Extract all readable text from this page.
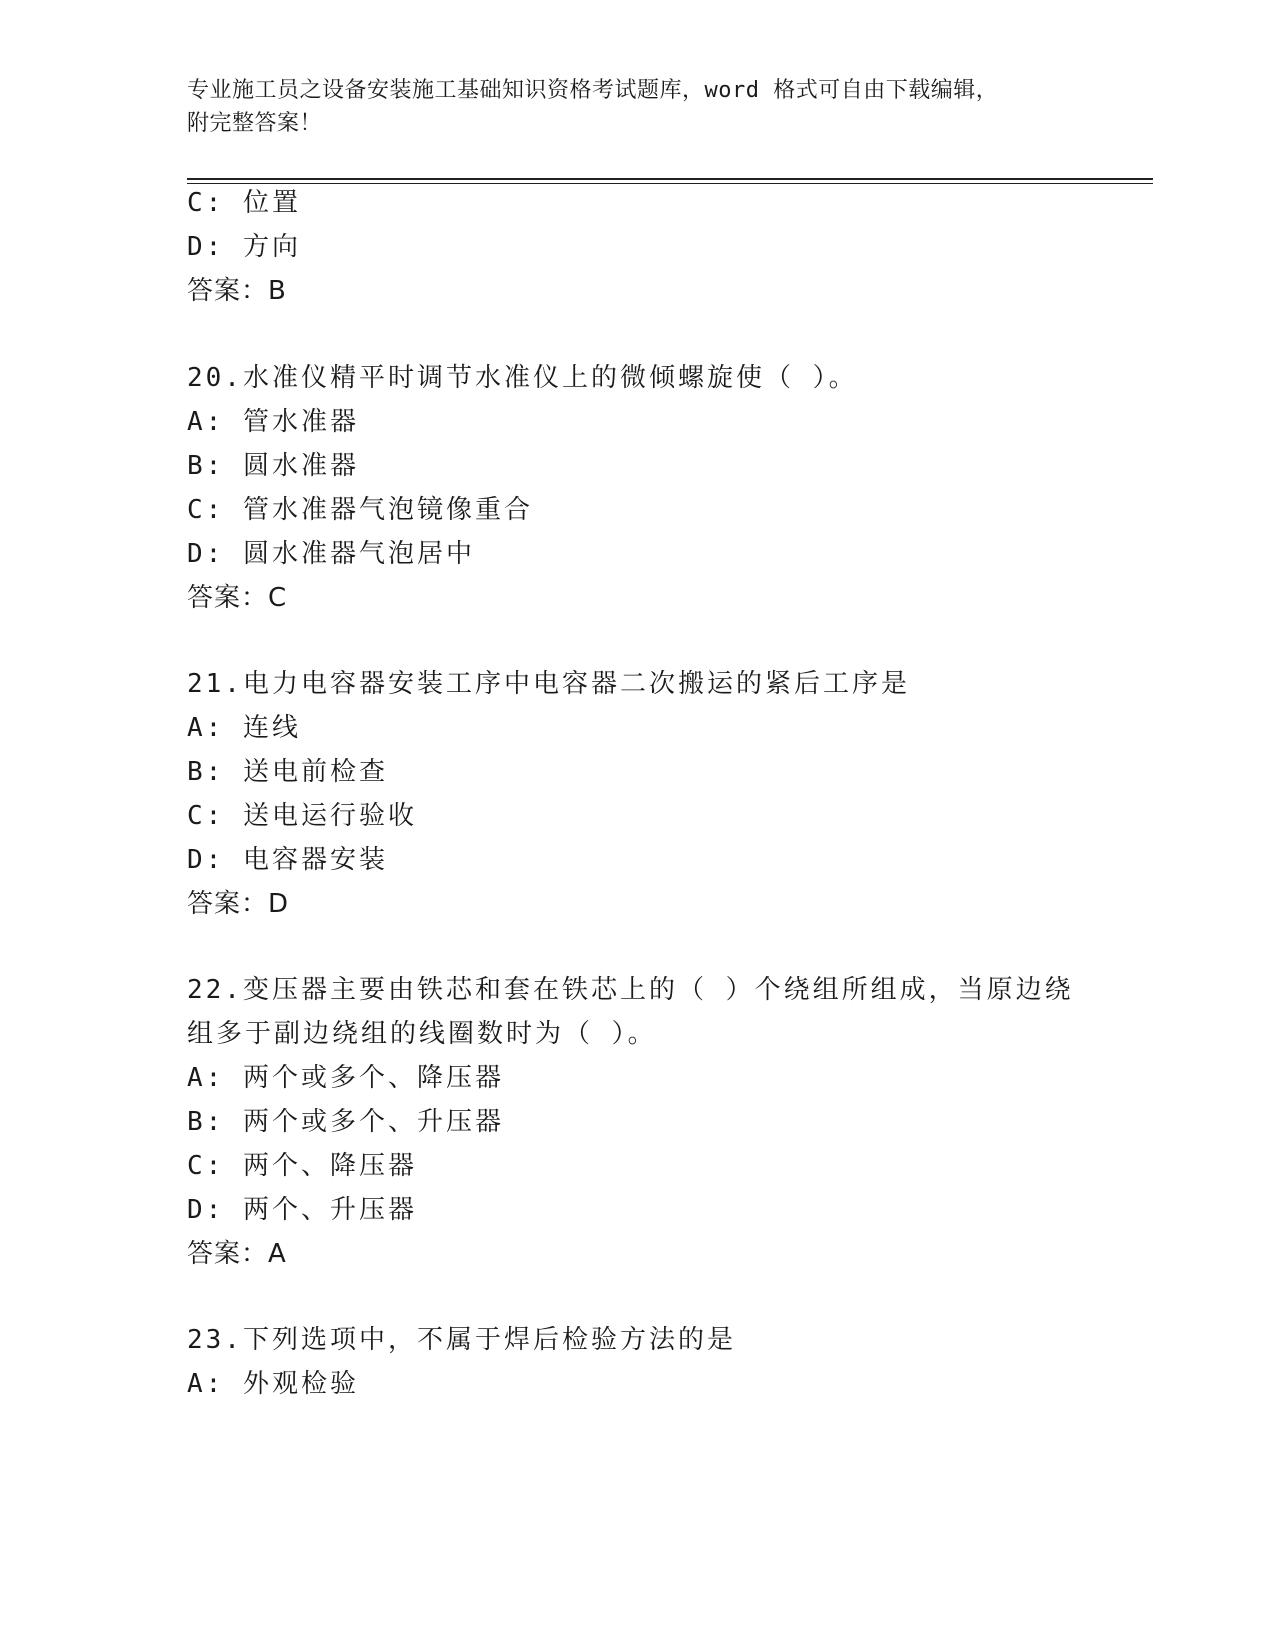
专业施工员之设备安装施工基础知识资格考试题库，word 格式可自由下载编辑，
附完整答案！
C: 位置
D: 方向
答案：B
20.水准仪精平时调节水准仪上的微倾螺旋使（ ）。
A: 管水准器
B: 圆水准器
C: 管水准器气泡镜像重合
D: 圆水准器气泡居中
答案：C
21.电力电容器安装工序中电容器二次搬运的紧后工序是
A: 连线
B: 送电前检查
C: 送电运行验收
D: 电容器安装
答案：D
22.变压器主要由铁芯和套在铁芯上的（ ）个绕组所组成，当原边绕
组多于副边绕组的线圈数时为（ ）。
A: 两个或多个、降压器
B: 两个或多个、升压器
C: 两个、降压器
D: 两个、升压器
答案：A
23.下列选项中，不属于焊后检验方法的是
A: 外观检验
